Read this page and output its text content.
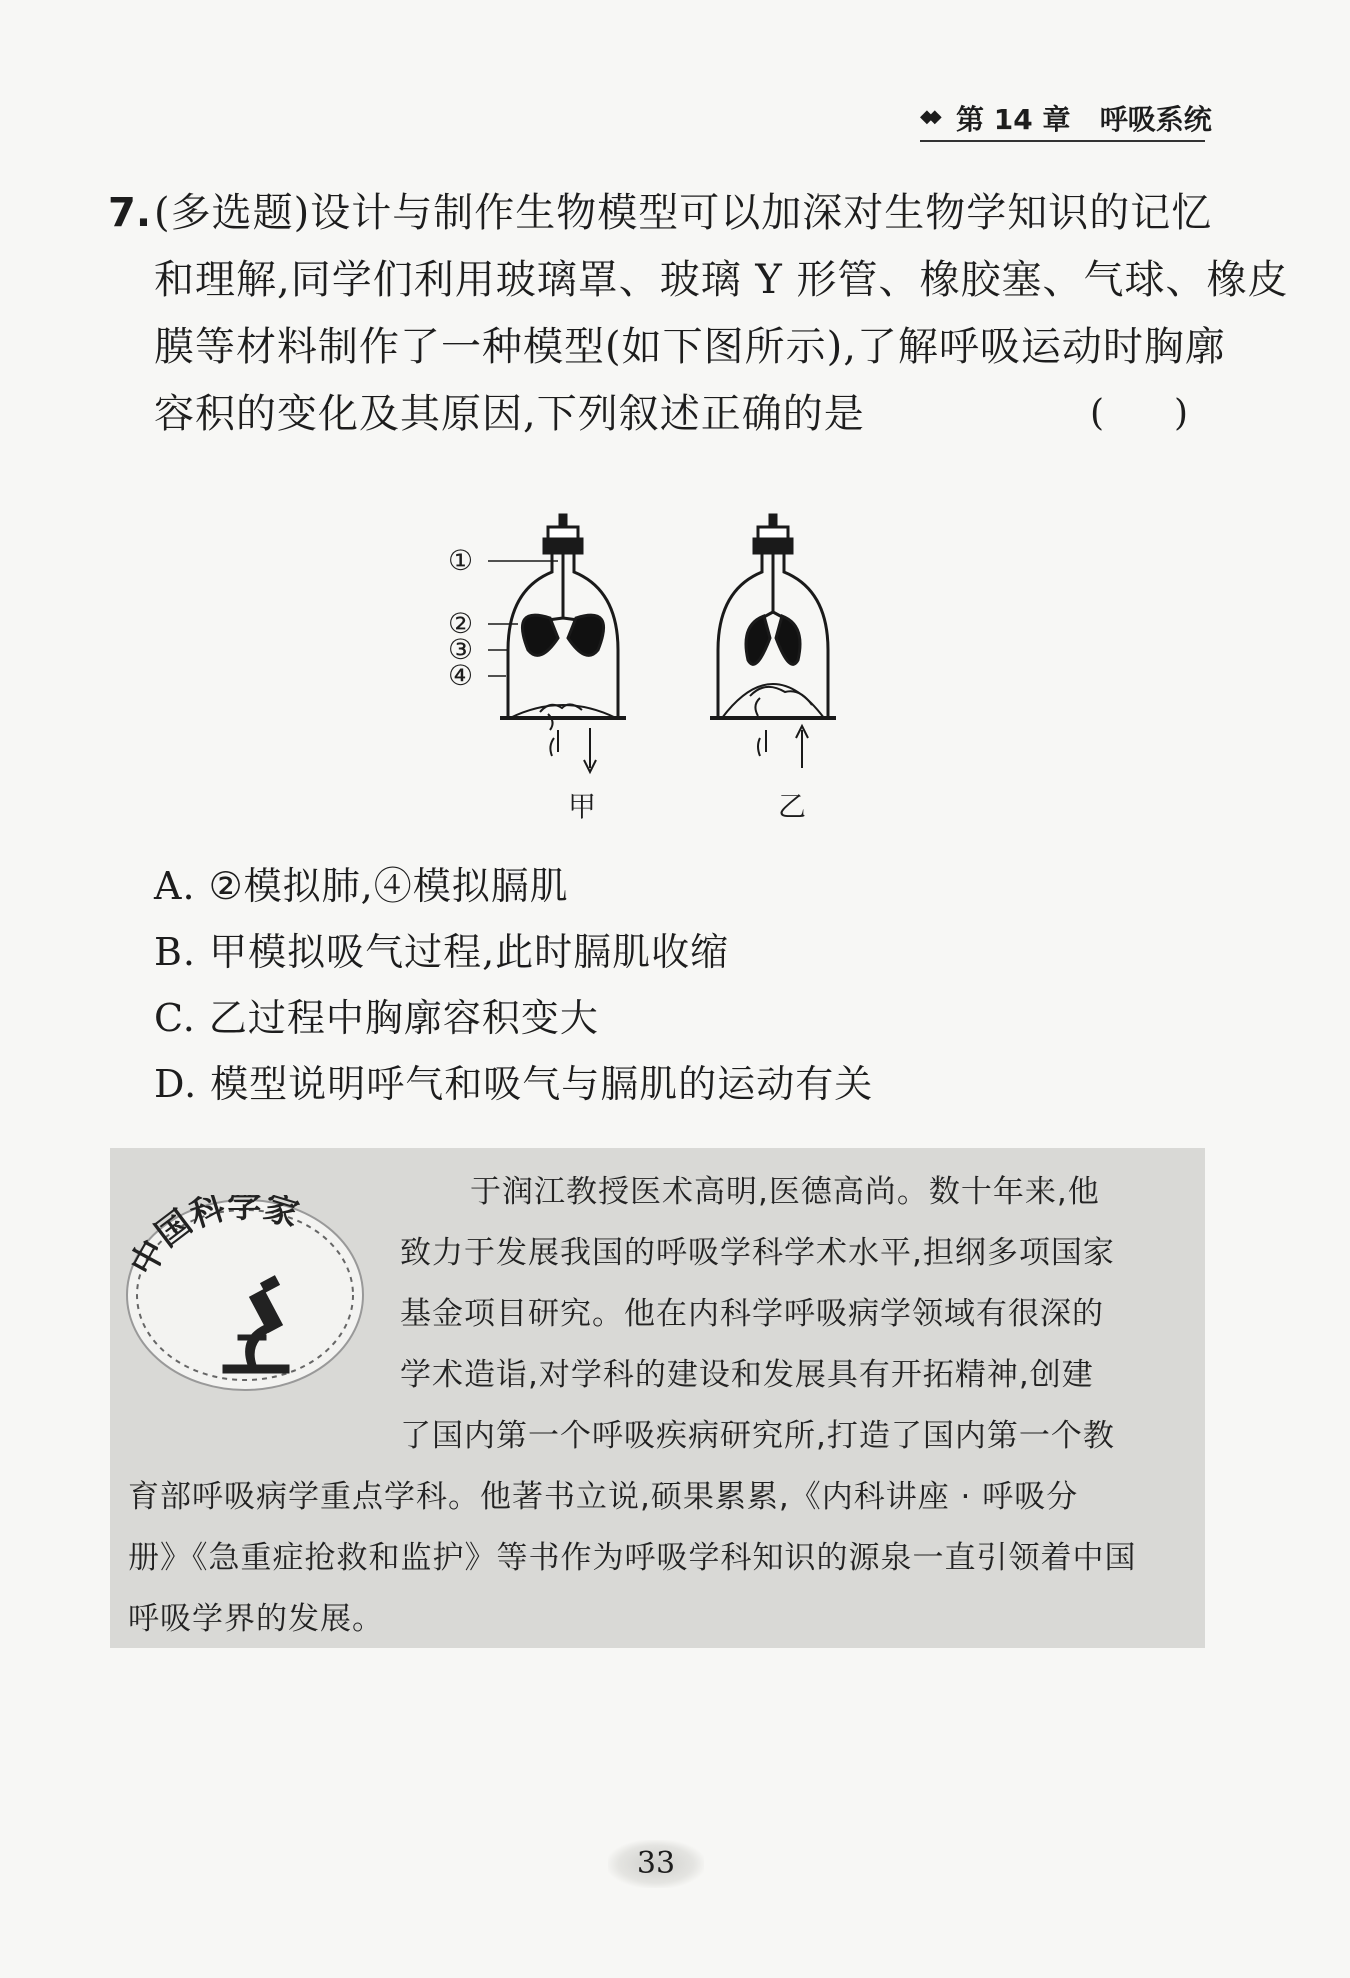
◆◆ 第 14 章 呼吸系统
7. (多选题)设计与制作生物模型可以加深对生物学知识的记忆
和理解,同学们利用玻璃罩、玻璃 Y 形管、橡胶塞、气球、橡皮
膜等材料制作了一种模型(如下图所示),了解呼吸运动时胸廓
容积的变化及其原因,下列叙述正确的是	( )
①
②
③
④
甲	乙
A. ②模拟肺,④模拟膈肌
B. 甲模拟吸气过程,此时膈肌收缩
C. 乙过程中胸廓容积变大
D. 模型说明呼气和吸气与膈肌的运动有关
中国科学家	于润江教授医术高明,医德高尚。数十年来,他
致力于发展我国的呼吸学科学术水平,担纲多项国家
基金项目研究。他在内科学呼吸病学领域有很深的
学术造诣,对学科的建设和发展具有开拓精神,创建
了国内第一个呼吸疾病研究所,打造了国内第一个教
育部呼吸病学重点学科。他著书立说,硕果累累,《内科讲座 · 呼吸分
册》《急重症抢救和监护》等书作为呼吸学科知识的源泉一直引领着中国
呼吸学界的发展。
33
